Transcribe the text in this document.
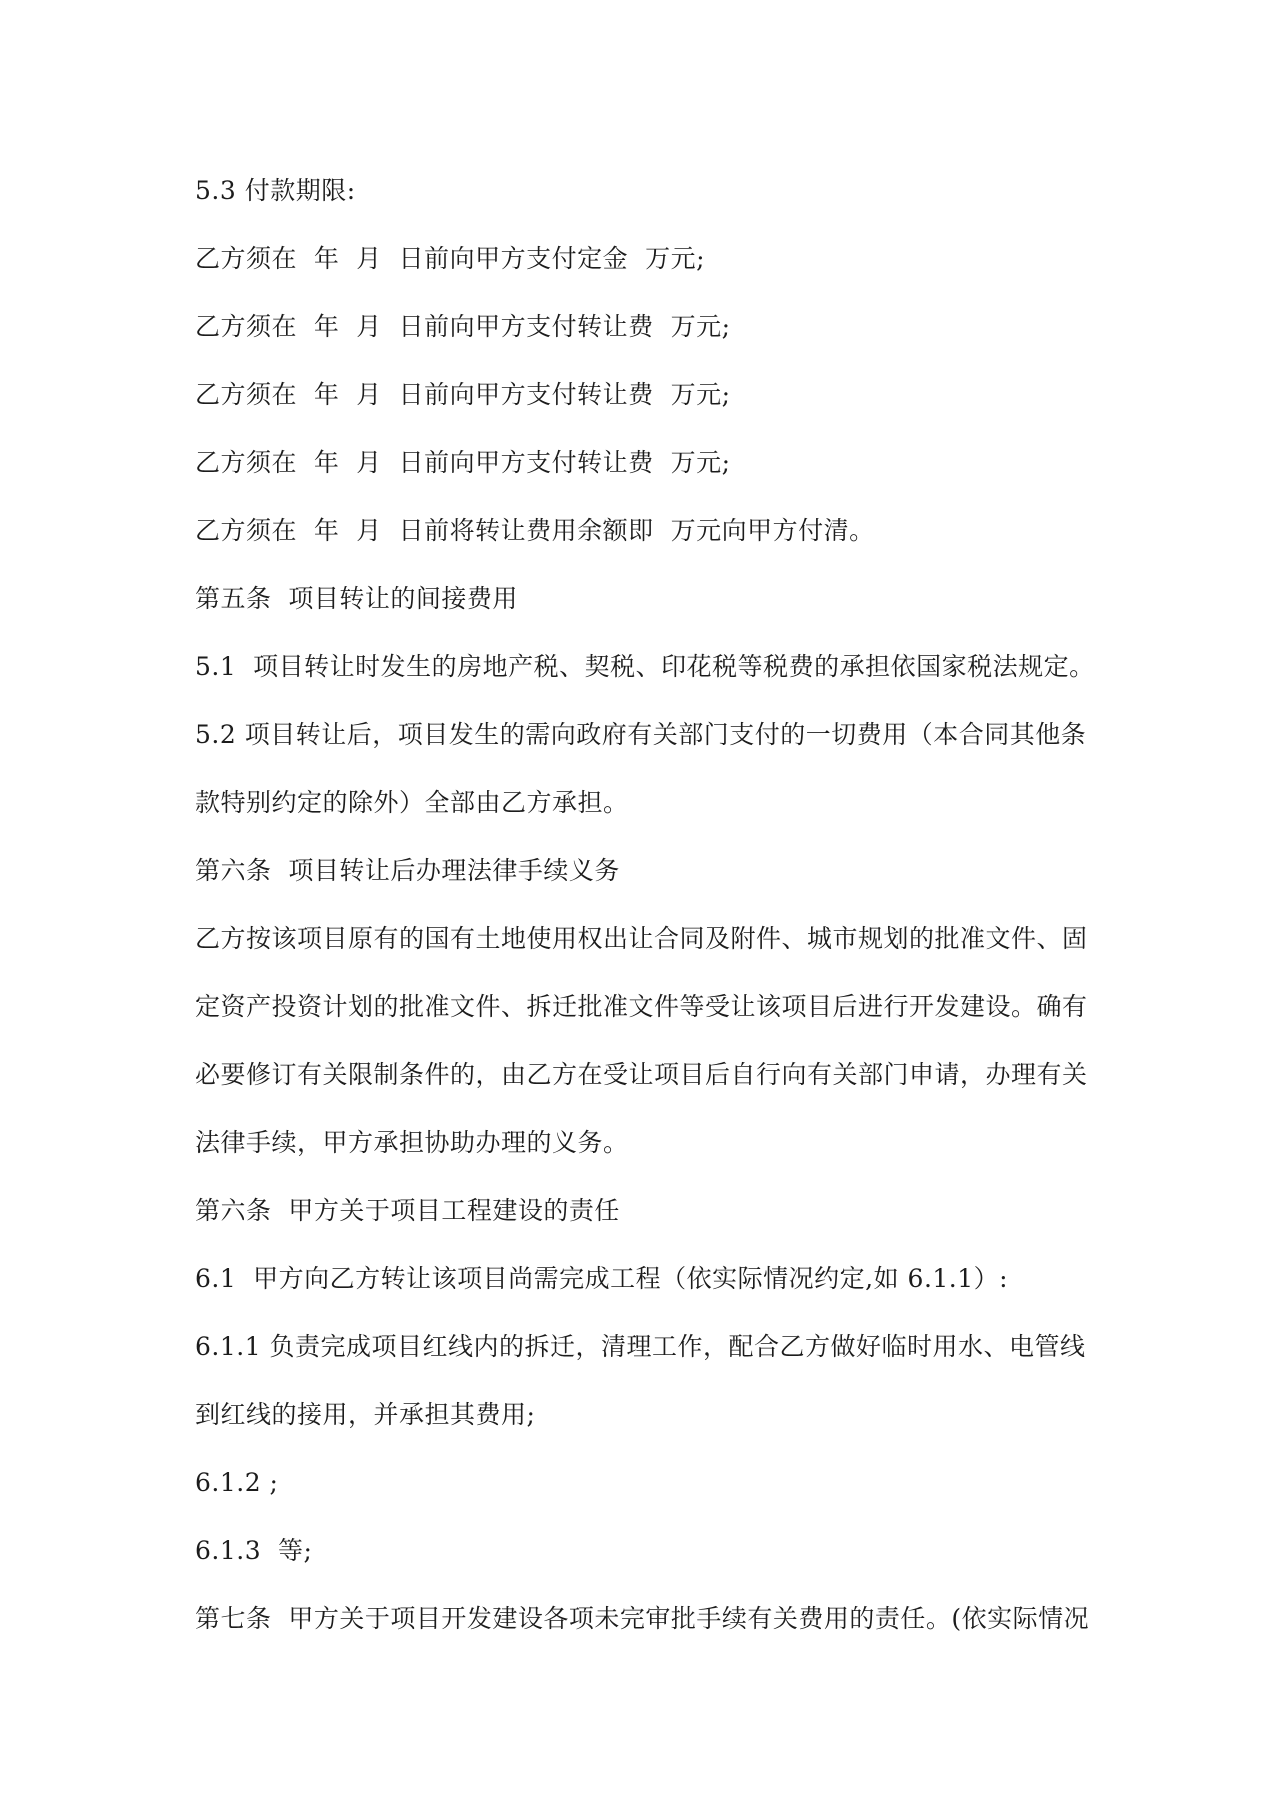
5.3 付款期限:
乙方须在  年  月  日前向甲方支付定金  万元;
乙方须在  年  月  日前向甲方支付转让费  万元;
乙方须在  年  月  日前向甲方支付转让费  万元;
乙方须在  年  月  日前向甲方支付转让费  万元;
乙方须在  年  月  日前将转让费用余额即  万元向甲方付清。
第五条  项目转让的间接费用
5.1  项目转让时发生的房地产税、契税、印花税等税费的承担依国家税法规定。
5.2 项目转让后，项目发生的需向政府有关部门支付的一切费用（本合同其他条
款特别约定的除外）全部由乙方承担。
第六条  项目转让后办理法律手续义务
乙方按该项目原有的国有土地使用权出让合同及附件、城市规划的批准文件、固
定资产投资计划的批准文件、拆迁批准文件等受让该项目后进行开发建设。确有
必要修订有关限制条件的，由乙方在受让项目后自行向有关部门申请，办理有关
法律手续，甲方承担协助办理的义务。
第六条  甲方关于项目工程建设的责任
6.1  甲方向乙方转让该项目尚需完成工程（依实际情况约定,如 6.1.1）:
6.1.1 负责完成项目红线内的拆迁，清理工作，配合乙方做好临时用水、电管线
到红线的接用，并承担其费用;
6.1.2 ;
6.1.3  等;
第七条  甲方关于项目开发建设各项未完审批手续有关费用的责任。(依实际情况
